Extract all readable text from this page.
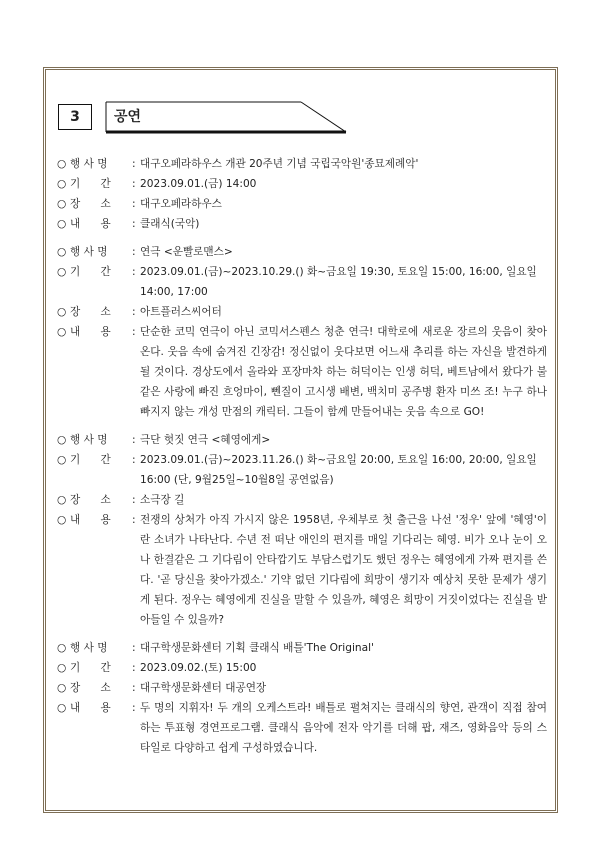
3	공연
○ 행 사 명	: 대구오페라하우스 개관 20주년 기념 국립국악원'종묘제례악'
○ 기      간	: 2023.09.01.(금) 14:00
○ 장      소	: 대구오페라하우스
○ 내      용	: 클래식(국악)
○ 행 사 명	: 연극 <운빨로맨스>
○ 기      간	: 2023.09.01.(금)~2023.10.29.() 화~금요일 19:30, 토요일 15:00, 16:00, 일요일 14:00, 17:00
○ 장      소	: 아트플러스씨어터
○ 내      용	: 단순한 코믹 연극이 아닌 코믹서스펜스 청춘 연극! 대학로에 새로운 장르의 웃음이 찾아온다. 웃음 속에 숨겨진 긴장감! 정신없이 웃다보면 어느새 추리를 하는 자신을 발견하게 될 것이다. 경상도에서 올라와 포장마차 하는 허덕이는 인생 허덕, 베트남에서 왔다가 불 같은 사랑에 빠진 흐엉마이, 뻰질이 고시생 배변, 백치미 공주병 환자 미쓰 조! 누구 하나 빠지지 않는 개성 만점의 캐릭터. 그들이 함께 만들어내는 웃음 속으로 GO!
○ 행 사 명	: 극단 헛짓 연극 <혜영에게>
○ 기      간	: 2023.09.01.(금)~2023.11.26.() 화~금요일 20:00, 토요일 16:00, 20:00, 일요일 16:00 (단, 9월25일~10월8일 공연없음)
○ 장      소	: 소극장 길
○ 내      용	: 전쟁의 상처가 아직 가시지 않은 1958년, 우체부로 첫 출근을 나선 '정우' 앞에 '혜영'이란 소녀가 나타난다. 수년 전 떠난 애인의 편지를 매일 기다리는 혜영. 비가 오나 눈이 오나 한결같은 그 기다림이 안타깝기도 부담스럽기도 했던 정우는 혜영에게 가짜 편지를 쓴다. '곧 당신을 찾아가겠소.' 기약 없던 기다림에 희망이 생기자 예상치 못한 문제가 생기게 된다. 정우는 혜영에게 진실을 말할 수 있을까, 혜영은 희망이 거짓이었다는 진실을 받아들일 수 있을까?
○ 행 사 명	: 대구학생문화센터 기획 클래식 배틀'The Original'
○ 기      간	: 2023.09.02.(토) 15:00
○ 장      소	: 대구학생문화센터 대공연장
○ 내      용	: 두 명의 지휘자! 두 개의 오케스트라! 배틀로 펼쳐지는 클래식의 향연, 관객이 직접 참여하는 투표형 경연프로그램. 클래식 음악에 전자 악기를 더해 팝, 재즈, 영화음악 등의 스타일로 다양하고 쉽게 구성하였습니다.
